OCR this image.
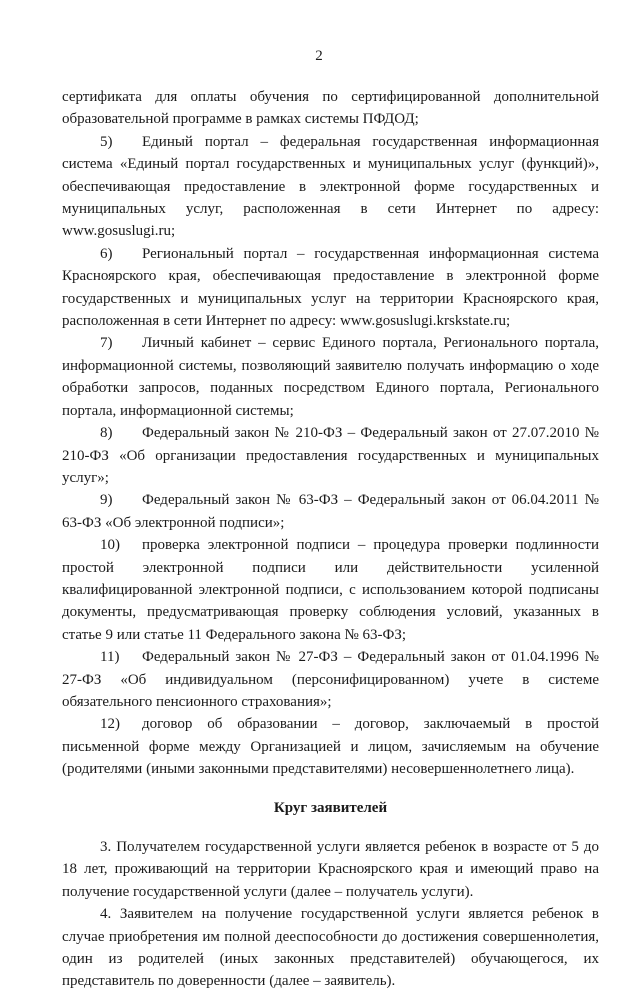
2

сертификата для оплаты обучения по сертифицированной дополнительной образовательной программе в рамках системы ПФДОД;

5) Единый портал – федеральная государственная информационная система «Единый портал государственных и муниципальных услуг (функций)», обеспечивающая предоставление в электронной форме государственных и муниципальных услуг, расположенная в сети Интернет по адресу: www.gosuslugi.ru;

6) Региональный портал – государственная информационная система Красноярского края, обеспечивающая предоставление в электронной форме государственных и муниципальных услуг на территории Красноярского края, расположенная в сети Интернет по адресу: www.gosuslugi.krskstate.ru;

7) Личный кабинет – сервис Единого портала, Регионального портала, информационной системы, позволяющий заявителю получать информацию о ходе обработки запросов, поданных посредством Единого портала, Регионального портала, информационной системы;

8) Федеральный закон № 210-ФЗ – Федеральный закон от 27.07.2010 № 210-ФЗ «Об организации предоставления государственных и муниципальных услуг»;

9) Федеральный закон № 63-ФЗ – Федеральный закон от 06.04.2011 № 63-ФЗ «Об электронной подписи»;

10) проверка электронной подписи – процедура проверки подлинности простой электронной подписи или действительности усиленной квалифицированной электронной подписи, с использованием которой подписаны документы, предусматривающая проверку соблюдения условий, указанных в статье 9 или статье 11 Федерального закона № 63-ФЗ;

11) Федеральный закон № 27-ФЗ – Федеральный закон от 01.04.1996 № 27-ФЗ «Об индивидуальном (персонифицированном) учете в системе обязательного пенсионного страхования»;

12) договор об образовании – договор, заключаемый в простой письменной форме между Организацией и лицом, зачисляемым на обучение (родителями (иными законными представителями) несовершеннолетнего лица).

Круг заявителей

3. Получателем государственной услуги является ребенок в возрасте от 5 до 18 лет, проживающий на территории Красноярского края и имеющий право на получение государственной услуги (далее – получатель услуги).

4. Заявителем на получение государственной услуги является ребенок в случае приобретения им полной дееспособности до достижения совершеннолетия, один из родителей (иных законных представителей) обучающегося, их представитель по доверенности (далее – заявитель).
